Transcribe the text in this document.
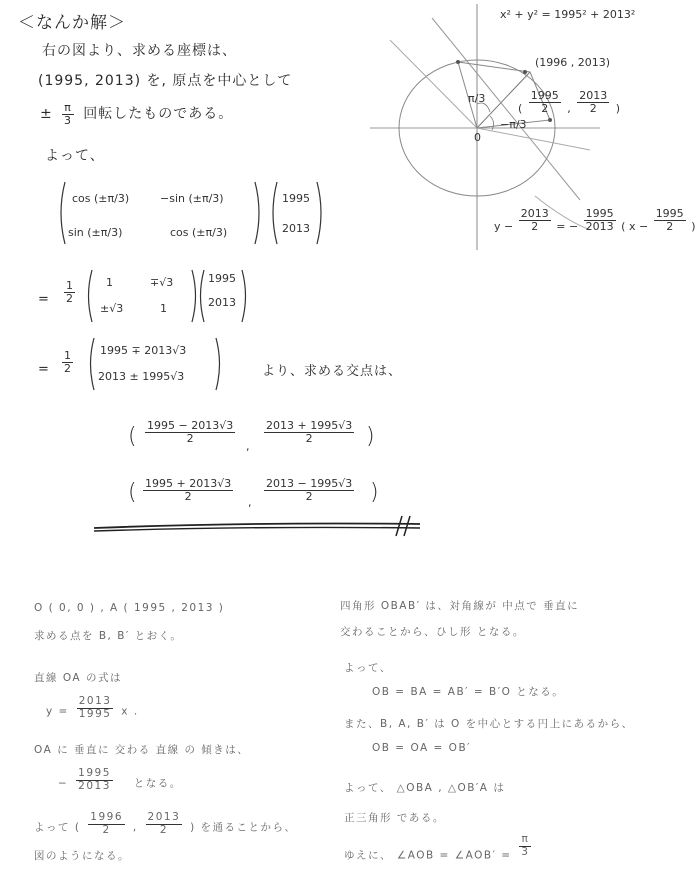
＜なんか解＞
右の図より、求める座標は、
(1995, 2013) を, 原点を中心として
± $\frac{\pi}{3}$ 回転したものである。
よって、
cos (±π/3)	−sin (±π/3)
sin (±π/3)	cos (±π/3)
1995
2013
= $\frac{1}{2}$	1	∓√3
±√3	1
1995
2013
= $\frac{1}{2} 1995 \mp 2013√3$
2013 ± 1995√3	より、求める交点は、
( $\frac{1995 - 2013√3}{2}$
,
$\frac{2013 + 1995√3}{2}$ )
( $\frac{1995 + 2013√3}{2}$ , $\frac{2013 - 1995√3}{2}$ )
x² + y² = 1995² + 2013²
(1996 , 2013)
( $\frac{1995}{2}$ , $\frac{2013}{2}$ )
π/3
−π/3
0
$y - \frac{2013}{2}$ = − $\frac{1995}{2013}$ ( $x - \frac{1995}{2}$ )
O ( 0, 0 ) , A ( 1995 , 2013 )
求める点を B, B′ とおく。
直線 OA の式は
$y = \frac{2013}{1995}$ x .
OA に 垂直に 交わる 直線 の 傾きは、
− $\frac{1995}{2013}$ となる。
よって ( $\frac{1996}{2}$ , $\frac{2013}{2}$ ) を通ることから、
図のようになる。
四角形 OBAB′ は、対角線が 中点で 垂直に
交わることから、ひし形 となる。
よって、
OB = BA = AB′ = B′O となる。
また、B, A, B′ は O を中心とする円上にあるから、
OB = OA = OB′
よって、 △OBA , △OB′A は
正三角形 である。
ゆえに、 ∠AOB = ∠AOB′ = $\frac{\pi}{3}$
